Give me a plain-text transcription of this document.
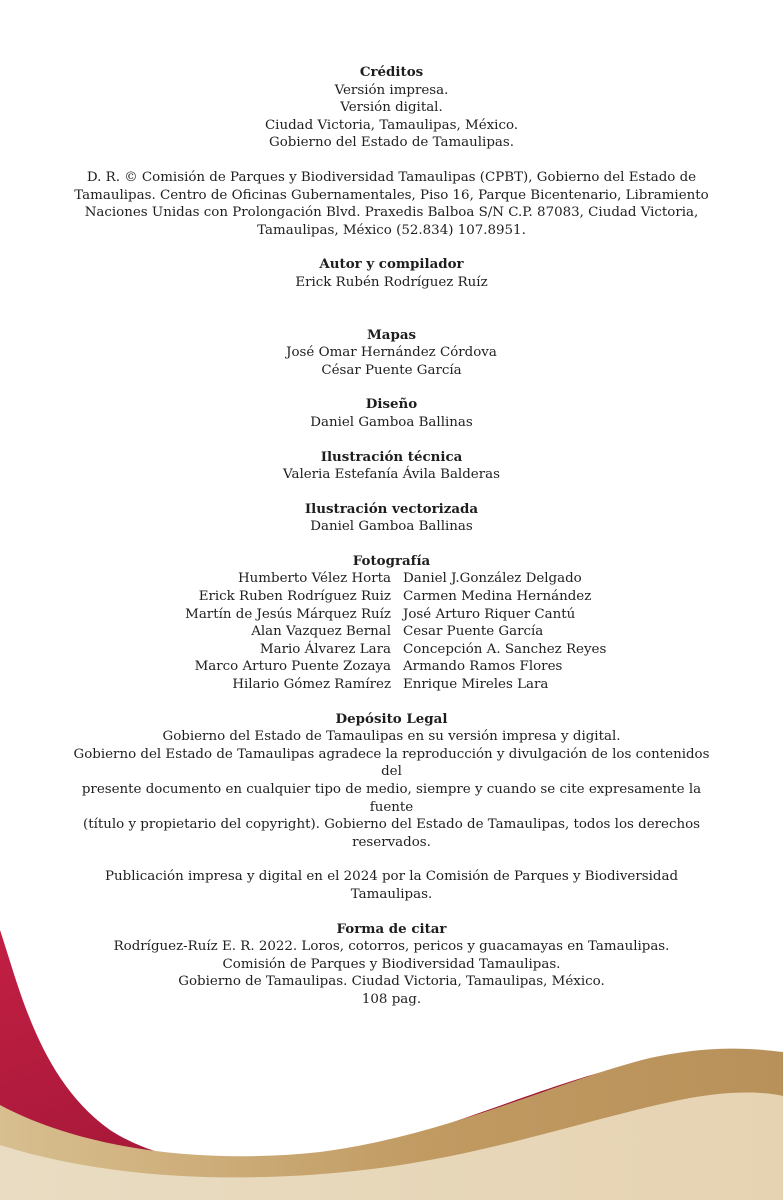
Créditos
Versión impresa.
Versión digital.
Ciudad Victoria, Tamaulipas, México.
Gobierno del Estado de Tamaulipas.
D. R. © Comisión de Parques y Biodiversidad Tamaulipas (CPBT), Gobierno del Estado de
Tamaulipas. Centro de Oficinas Gubernamentales, Piso 16, Parque Bicentenario, Libramiento
Naciones Unidas con Prolongación Blvd. Praxedis Balboa S/N C.P. 87083, Ciudad Victoria,
Tamaulipas, México (52.834) 107.8951.
Autor y compilador
Erick Rubén Rodríguez Ruíz
Mapas
José Omar Hernández Córdova
César Puente García
Diseño
Daniel Gamboa Ballinas
Ilustración técnica
Valeria Estefanía Ávila Balderas
Ilustración vectorizada
Daniel Gamboa Ballinas
Fotografía
Humberto Vélez Horta
Erick Ruben Rodríguez Ruiz
Martín de Jesús Márquez Ruíz
Alan Vazquez Bernal
Mario Álvarez Lara
Marco Arturo Puente Zozaya
Hilario Gómez Ramírez
Daniel J.González Delgado
Carmen Medina Hernández
José Arturo Riquer Cantú
Cesar Puente García
Concepción A. Sanchez Reyes
Armando Ramos Flores
Enrique Mireles Lara
Depósito Legal
Gobierno del Estado de Tamaulipas en su versión impresa y digital.
Gobierno del Estado de Tamaulipas agradece la reproducción y divulgación de los contenidos del
presente documento en cualquier tipo de medio, siempre y cuando se cite expresamente la fuente
(título y propietario del copyright). Gobierno del Estado de Tamaulipas, todos los derechos
reservados.
Publicación impresa y digital en el 2024 por la Comisión de Parques y Biodiversidad Tamaulipas.
Forma de citar
Rodríguez-Ruíz E. R. 2022. Loros, cotorros, pericos y guacamayas en Tamaulipas.
Comisión de Parques y Biodiversidad Tamaulipas.
Gobierno de Tamaulipas. Ciudad Victoria, Tamaulipas, México.
108 pag.
